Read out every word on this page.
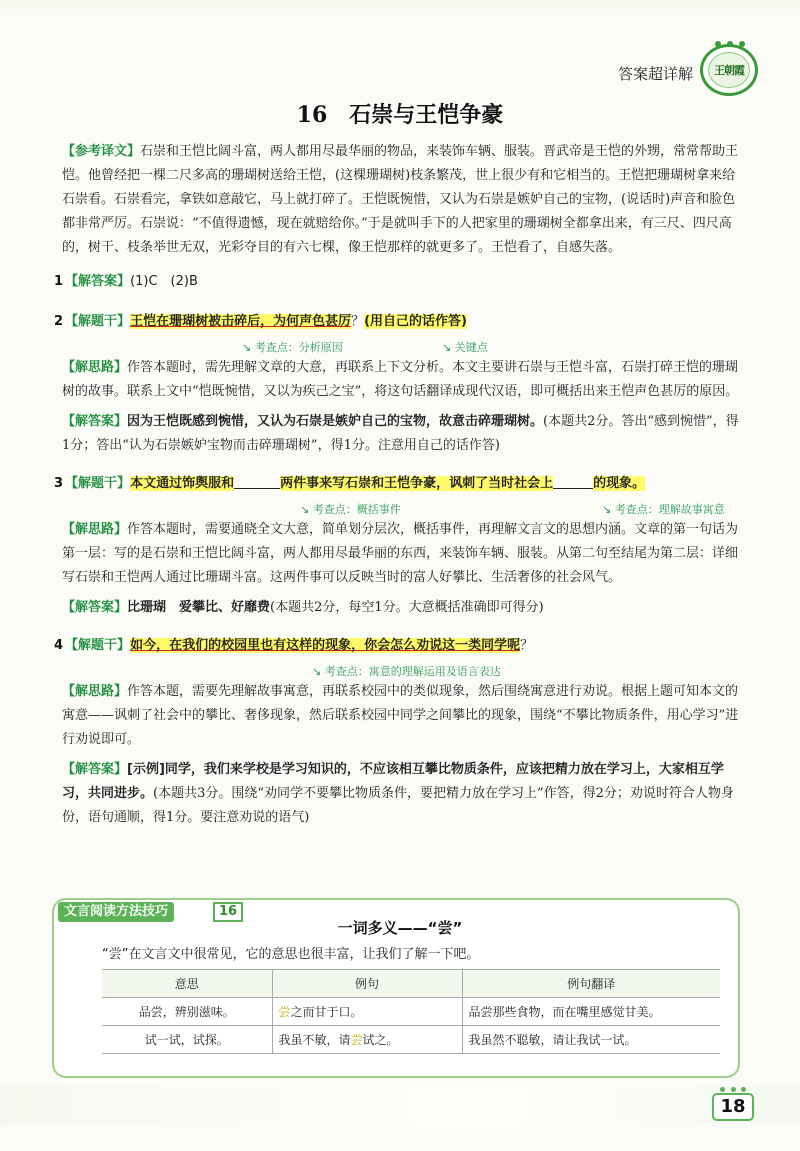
答案超详解	王朝霞
16 石崇与王恺争豪
【参考译文】石崇和王恺比阔斗富，两人都用尽最华丽的物品，来装饰车辆、服装。晋武帝是王恺的外甥，常常帮助王恺。他曾经把一棵二尺多高的珊瑚树送给王恺，(这棵珊瑚树)枝条繁茂，世上很少有和它相当的。王恺把珊瑚树拿来给石崇看。石崇看完，拿铁如意敲它，马上就打碎了。王恺既惋惜，又认为石崇是嫉妒自己的宝物，(说话时)声音和脸色都非常严厉。石崇说：“不值得遗憾，现在就赔给你。”于是就叫手下的人把家里的珊瑚树全都拿出来，有三尺、四尺高的，树干、枝条举世无双，光彩夺目的有六七棵，像王恺那样的就更多了。王恺看了，自感失落。
1 【解答案】(1)C　(2)B
2 【解题干】王恺在珊瑚树被击碎后，为何声色甚厉？(用自己的话作答)
↘ 考查点：分析原因	↘ 关键点
【解思路】作答本题时，需先理解文章的大意，再联系上下文分析。本文主要讲石崇与王恺斗富，石崇打碎王恺的珊瑚树的故事。联系上文中“恺既惋惜，又以为疾己之宝”，将这句话翻译成现代汉语，即可概括出来王恺声色甚厉的原因。
【解答案】因为王恺既感到惋惜，又认为石崇是嫉妒自己的宝物，故意击碎珊瑚树。(本题共2分。答出“感到惋惜”，得1分；答出“认为石崇嫉妒宝物而击碎珊瑚树”，得1分。注意用自己的话作答)
3 【解题干】本文通过饰舆服和	两件事来写石崇和王恺争豪，讽刺了当时社会上	的现象。
↘ 考查点：概括事件	↘ 考查点：理解故事寓意
【解思路】作答本题时，需要通晓全文大意，简单划分层次，概括事件，再理解文言文的思想内涵。文章的第一句话为第一层：写的是石崇和王恺比阔斗富，两人都用尽最华丽的东西，来装饰车辆、服装。从第二句至结尾为第二层：详细写石崇和王恺两人通过比珊瑚斗富。这两件事可以反映当时的富人好攀比、生活奢侈的社会风气。
【解答案】比珊瑚　爱攀比、好靡费(本题共2分，每空1分。大意概括准确即可得分)
4 【解题干】如今，在我们的校园里也有这样的现象，你会怎么劝说这一类同学呢？
↘ 考查点：寓意的理解运用及语言表达
【解思路】作答本题，需要先理解故事寓意，再联系校园中的类似现象，然后围绕寓意进行劝说。根据上题可知本文的寓意——讽刺了社会中的攀比、奢侈现象，然后联系校园中同学之间攀比的现象，围绕“不攀比物质条件，用心学习”进行劝说即可。
【解答案】[示例]同学，我们来学校是学习知识的，不应该相互攀比物质条件，应该把精力放在学习上，大家相互学习，共同进步。(本题共3分。围绕“劝同学不要攀比物质条件，要把精力放在学习上”作答，得2分；劝说时符合人物身份，语句通顺，得1分。要注意劝说的语气)
文言阅读方法技巧	16
一词多义——“尝”
“尝”在文言文中很常见，它的意思也很丰富，让我们了解一下吧。
意思	例句	例句翻译
品尝，辨别滋味。	尝之而甘于口。	品尝那些食物，而在嘴里感觉甘美。
试一试，试探。	我虽不敏，请尝试之。	我虽然不聪敏，请让我试一试。
18
